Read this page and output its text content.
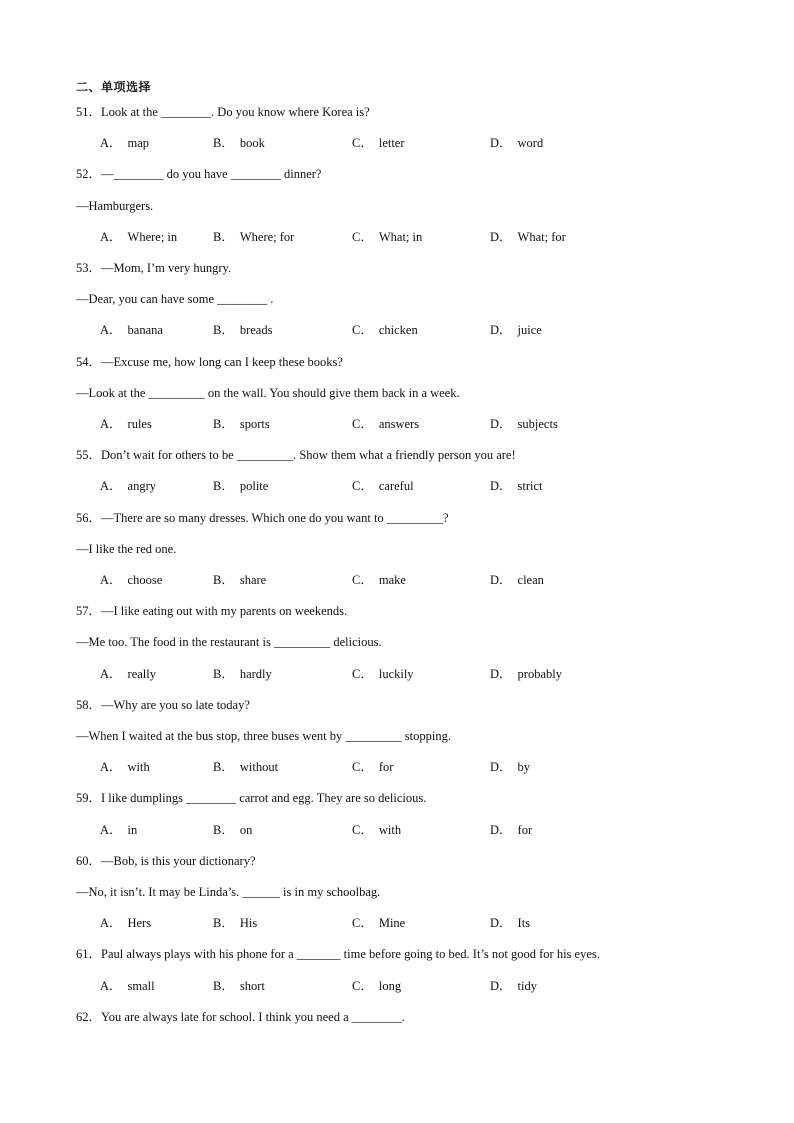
二、单项选择
51．Look at the ________. Do you know where Korea is?
A． map	B． book	C． letter	D． word
52．—________ do you have ________ dinner?
—Hamburgers.
A． Where; in	B． Where; for	C． What; in	D． What; for
53．—Mom, I’m very hungry.
—Dear, you can have some ________ .
A． banana	B． breads	C． chicken	D． juice
54．—Excuse me, how long can I keep these books?
—Look at the _________ on the wall. You should give them back in a week.
A． rules	B． sports	C． answers	D． subjects
55．Don’t wait for others to be _________. Show them what a friendly person you are!
A． angry	B． polite	C． careful	D． strict
56．—There are so many dresses. Which one do you want to _________?
—I like the red one.
A． choose	B． share	C． make	D． clean
57．—I like eating out with my parents on weekends.
—Me too. The food in the restaurant is _________ delicious.
A． really	B． hardly	C． luckily	D． probably
58．—Why are you so late today?
—When I waited at the bus stop, three buses went by _________ stopping.
A． with	B． without	C． for	D． by
59．I like dumplings ________ carrot and egg. They are so delicious.
A． in	B． on	C． with	D． for
60．—Bob, is this your dictionary?
—No, it isn’t. It may be Linda’s. ______ is in my schoolbag.
A． Hers	B． His	C． Mine	D． Its
61．Paul always plays with his phone for a _______ time before going to bed. It’s not good for his eyes.
A． small	B． short	C． long	D． tidy
62．You are always late for school. I think you need a ________.
